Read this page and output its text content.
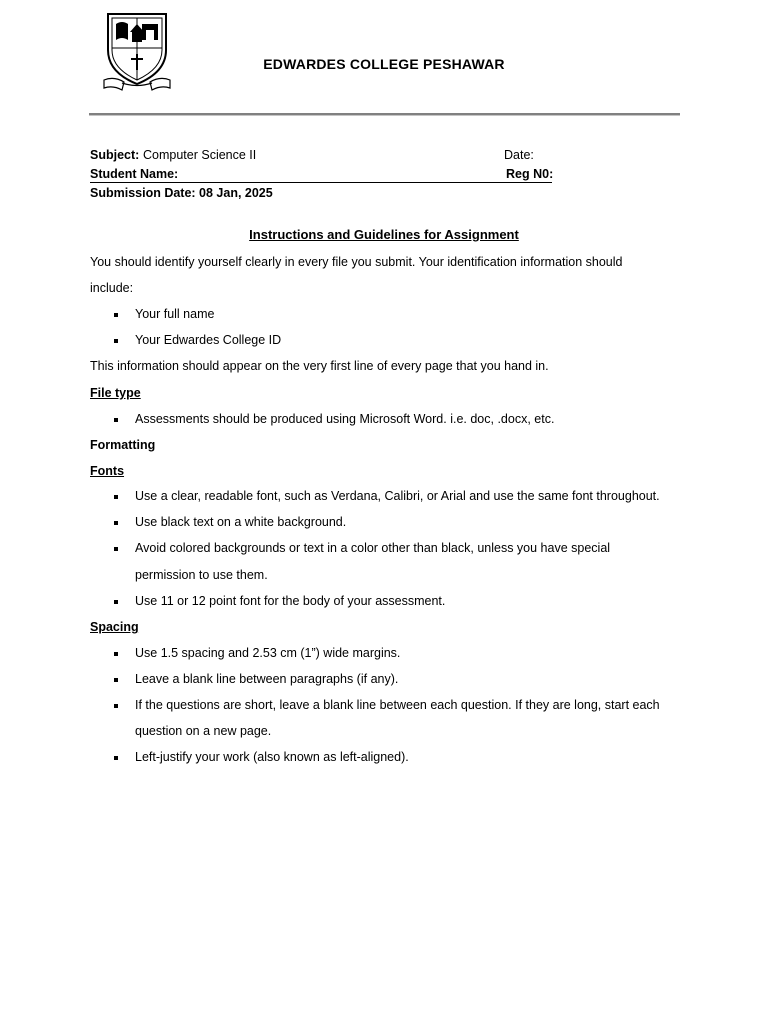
EDWARDES COLLEGE PESHAWAR
Subject: Computer Science II	Date:
Student Name:	Reg N0:
Submission Date: 08 Jan, 2025
Instructions and Guidelines for Assignment
You should identify yourself clearly in every file you submit. Your identification information should
include:
Your full name
Your Edwardes College ID
This information should appear on the very first line of every page that you hand in.
File type
Assessments should be produced using Microsoft Word. i.e. doc, .docx, etc.
Formatting
Fonts
Use a clear, readable font, such as Verdana, Calibri, or Arial and use the same font throughout.
Use black text on a white background.
Avoid colored backgrounds or text in a color other than black, unless you have special
permission to use them.
Use 11 or 12 point font for the body of your assessment.
Spacing
Use 1.5 spacing and 2.53 cm (1”) wide margins.
Leave a blank line between paragraphs (if any).
If the questions are short, leave a blank line between each question. If they are long, start each
question on a new page.
Left-justify your work (also known as left-aligned).
